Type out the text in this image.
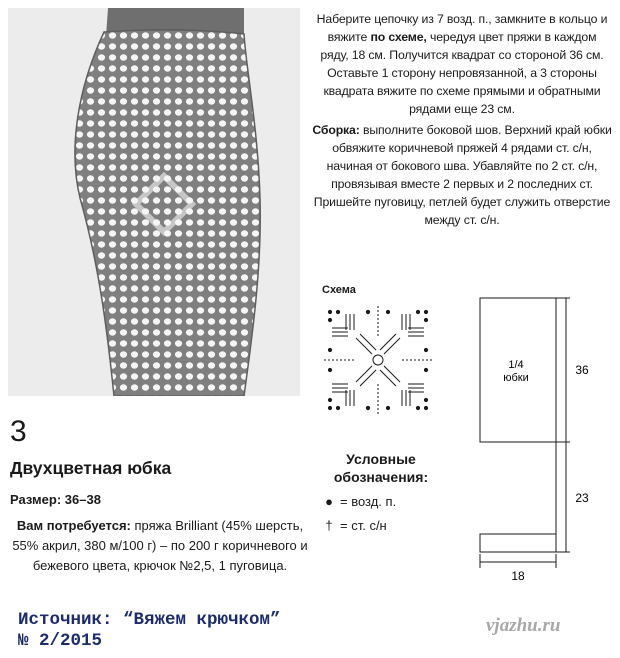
Наберите цепочку из 7 возд. п., замкните в кольцо и вяжите по схеме, чередуя цвет пряжи в каждом ряду, 18 см. Получится квадрат со стороной 36 см. Оставьте 1 сторону непровязанной, а 3 стороны квадрата вяжите по схеме прямыми и обратными рядами еще 23 см.

Сборка: выполните боковой шов. Верхний край юбки обвяжите коричневой пряжей 4 рядами ст. с/н, начиная от бокового шва. Убавляйте по 2 ст. с/н, провязывая вместе 2 первых и 2 последних ст. Пришейте пуговицу, петлей будет служить отверстие между ст. с/н.

Схема
1/4
юбки
36
23
18
Условные обозначения:
● = возд. п.
† = ст. с/н
3
Двухцветная юбка
Размер: 36–38
Вам потребуется: пряжа Brilliant (45% шерсть, 55% акрил, 380 м/100 г) – по 200 г коричневого и бежевого цвета, крючок №2,5, 1 пуговица.
Источник: “Вяжем крючком”
№ 2/2015
vjazhu.ru
